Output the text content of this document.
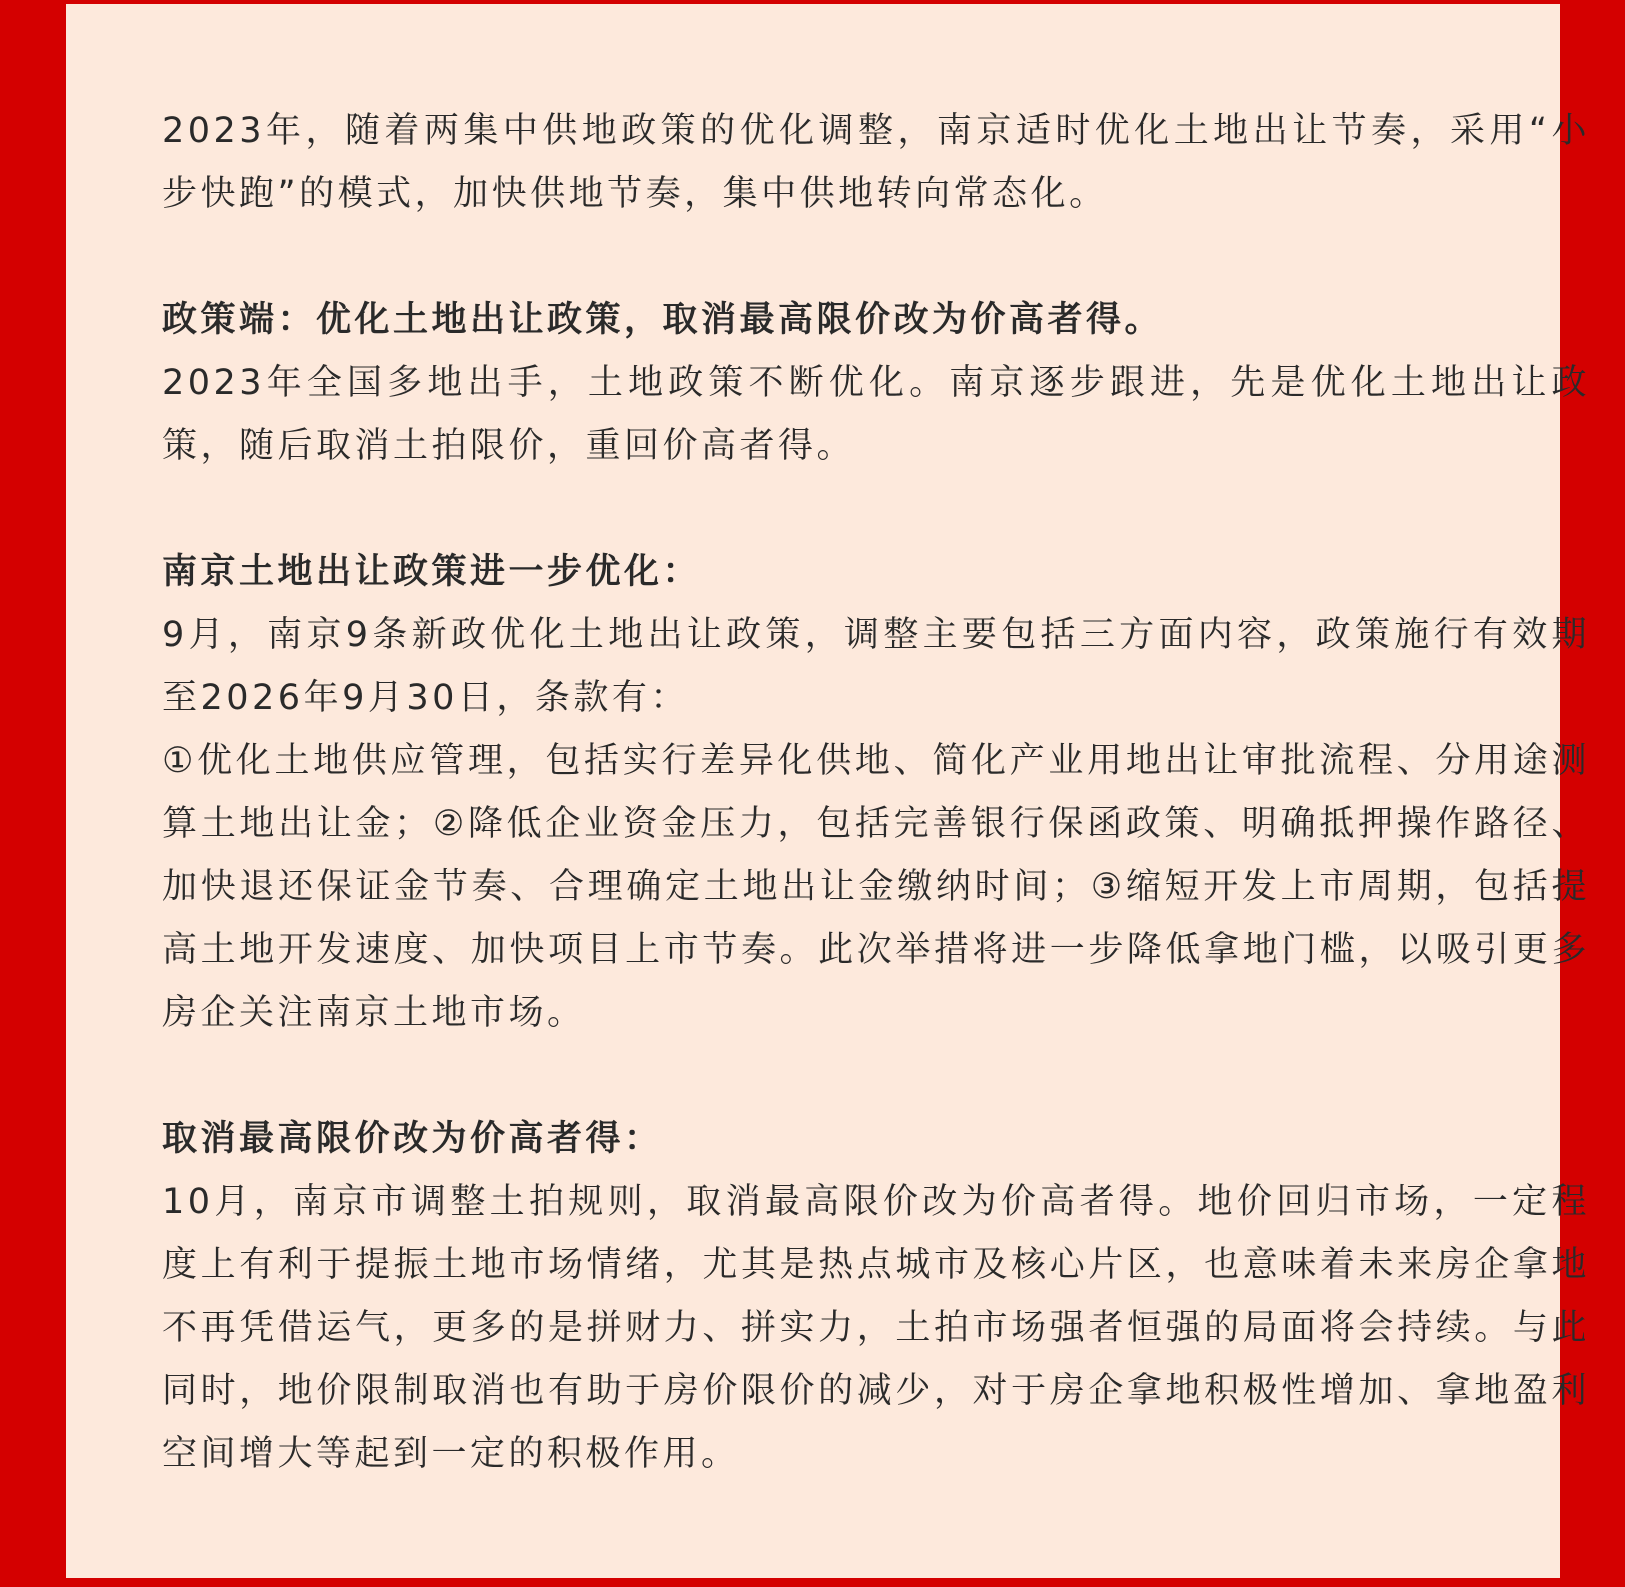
2023年，随着两集中供地政策的优化调整，南京适时优化土地出让节奏，采用“小步快跑”的模式，加快供地节奏，集中供地转向常态化。

政策端：优化土地出让政策，取消最高限价改为价高者得。

2023年全国多地出手，土地政策不断优化。南京逐步跟进，先是优化土地出让政策，随后取消土拍限价，重回价高者得。

南京土地出让政策进一步优化：

9月，南京9条新政优化土地出让政策，调整主要包括三方面内容，政策施行有效期至2026年9月30日，条款有：

①优化土地供应管理，包括实行差异化供地、简化产业用地出让审批流程、分用途测算土地出让金；②降低企业资金压力，包括完善银行保函政策、明确抵押操作路径、加快退还保证金节奏、合理确定土地出让金缴纳时间；③缩短开发上市周期，包括提高土地开发速度、加快项目上市节奏。此次举措将进一步降低拿地门槛，以吸引更多房企关注南京土地市场。

取消最高限价改为价高者得：

10月，南京市调整土拍规则，取消最高限价改为价高者得。地价回归市场，一定程度上有利于提振土地市场情绪，尤其是热点城市及核心片区，也意味着未来房企拿地不再凭借运气，更多的是拼财力、拼实力，土拍市场强者恒强的局面将会持续。与此同时，地价限制取消也有助于房价限价的减少，对于房企拿地积极性增加、拿地盈利空间增大等起到一定的积极作用。
